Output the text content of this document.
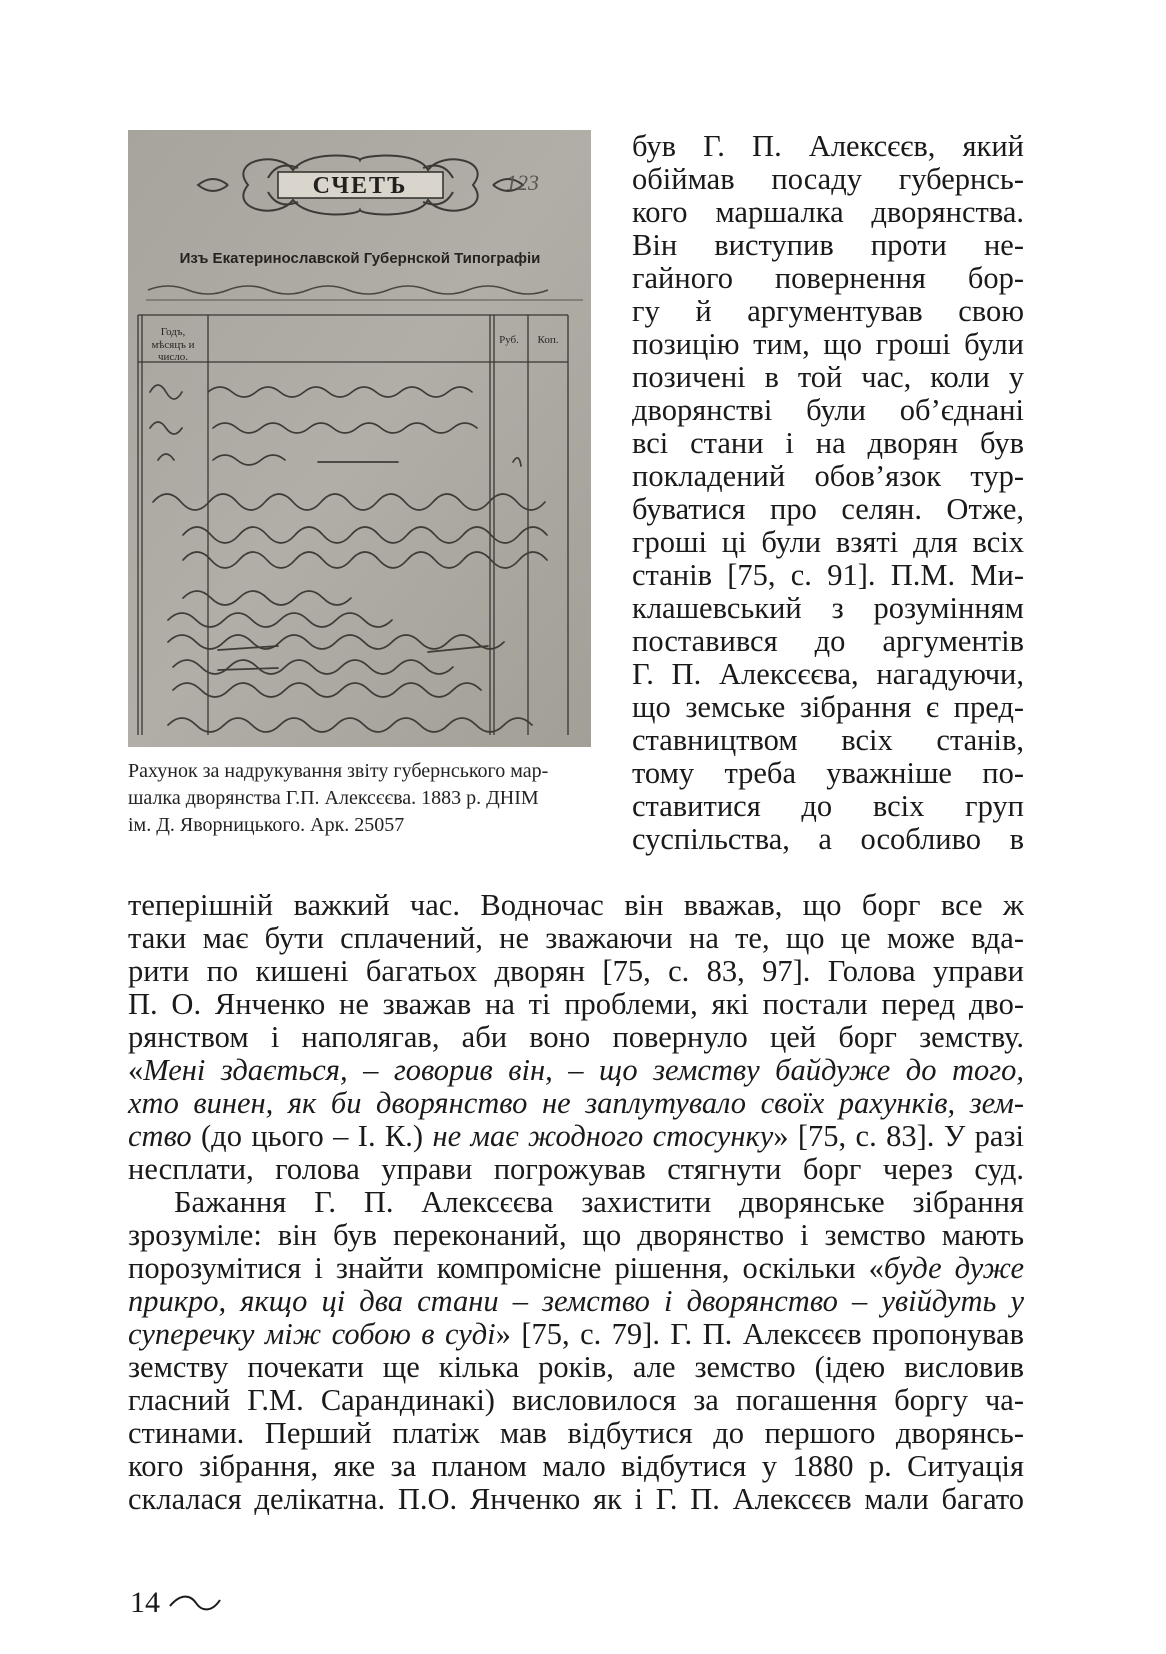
СЧЕТЪ	123
Изъ Екатеринославской Губернской Типографіи
Годъ,
мѣсяцъ и
число.
Руб. Коп.
Рахунок за надрукування звіту губернського мар-
шалка дворянства Г.П. Алексєєва. 1883 р. ДНІМ
ім. Д. Яворницького. Арк. 25057
був Г. П. Алексєєв, який
обіймав посаду губернсь-
кого маршалка дворянства.
Він виступив проти не-
гайного повернення бор-
гу й аргументував свою
позицію тим, що гроші були
позичені в той час, коли у
дворянстві були об’єднані
всі стани і на дворян був
покладений обов’язок тур-
буватися про селян. Отже,
гроші ці були взяті для всіх
станів [75, с. 91]. П.М. Ми-
клашевський з розумінням
поставився до аргументів
Г. П. Алексєєва, нагадуючи,
що земське зібрання є пред-
ставництвом всіх станів,
тому треба уважніше по-
ставитися до всіх груп
суспільства, а особливо в
теперішній важкий час. Водночас він вважав, що борг все ж
таки має бути сплачений, не зважаючи на те, що це може вда-
рити по кишені багатьох дворян [75, с. 83, 97]. Голова управи
П. О. Янченко не зважав на ті проблеми, які постали перед дво-
рянством і наполягав, аби воно повернуло цей борг земству.
«Мені здається, – говорив він, – що земству байдуже до того,
хто винен, як би дворянство не заплутувало своїх рахунків, зем-
ство (до цього – І. К.) не має жодного стосунку» [75, с. 83]. У разі
несплати, голова управи погрожував стягнути борг через суд.
Бажання Г. П. Алексєєва захистити дворянське зібрання
зрозуміле: він був переконаний, що дворянство і земство мають
порозумітися і знайти компромісне рішення, оскільки «буде дуже
прикро, якщо ці два стани – земство і дворянство – увійдуть у
суперечку між собою в суді» [75, с. 79]. Г. П. Алексєєв пропонував
земству почекати ще кілька років, але земство (ідею висловив
гласний Г.М. Сарандинакі) висловилося за погашення боргу ча-
стинами. Перший платіж мав відбутися до першого дворянсь-
кого зібрання, яке за планом мало відбутися у 1880 р. Ситуація
склалася делікатна. П.О. Янченко як і Г. П. Алексєєв мали багато
14
